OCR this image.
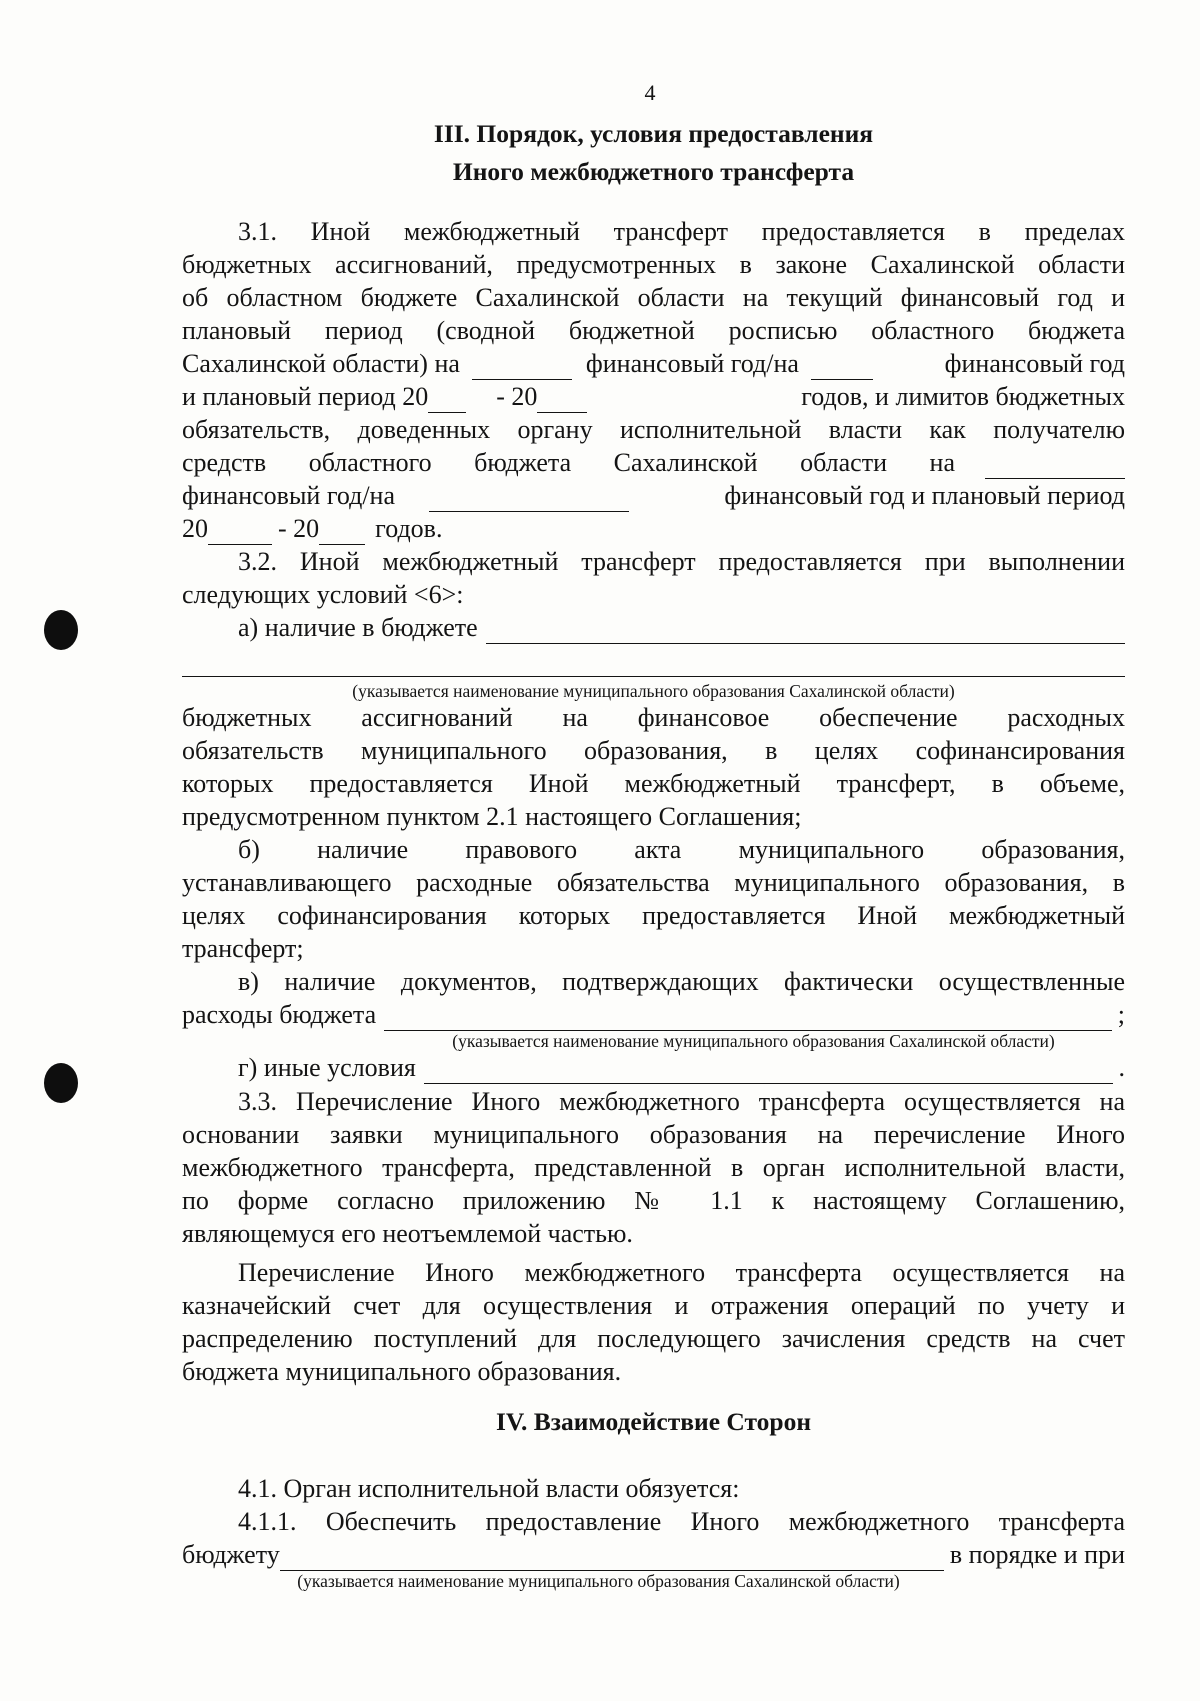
4
III. Порядок, условия предоставления
Иного межбюджетного трансферта

3.1. Иной межбюджетный трансферт предоставляется в пределах

бюджетных ассигнований, предусмотренных в законе Сахалинской области

об областном бюджете Сахалинской области на текущий финансовый год и

плановый период (сводной бюджетной росписью областного бюджета

Сахалинской области) на	финансовый год/на	финансовый год

и плановый период 20	- 20	годов, и лимитов бюджетных

обязательств, доведенных органу исполнительной власти как получателю

средств областного бюджета Сахалинской области на

финансовый год/на	финансовый год и плановый период

20	- 20 годов.

3.2. Иной межбюджетный трансферт предоставляется при выполнении

следующих условий <6>:

а) наличие в бюджете

(указывается наименование муниципального образования Сахалинской области)

бюджетных ассигнований на финансовое обеспечение расходных

обязательств муниципального образования, в целях софинансирования

которых предоставляется Иной межбюджетный трансферт, в объеме,

предусмотренном пунктом 2.1 настоящего Соглашения;

б) наличие правового акта муниципального образования,

устанавливающего расходные обязательства муниципального образования, в

целях софинансирования которых предоставляется Иной межбюджетный

трансферт;

в) наличие документов, подтверждающих фактически осуществленные

расходы бюджета	;

(указывается наименование муниципального образования Сахалинской области)

г) иные условия	.

3.3. Перечисление Иного межбюджетного трансферта осуществляется на

основании заявки муниципального образования на перечисление Иного

межбюджетного трансферта, представленной в орган исполнительной власти,

по форме согласно приложению № 1.1 к настоящему Соглашению,

являющемуся его неотъемлемой частью.

Перечисление Иного межбюджетного трансферта осуществляется на

казначейский счет для осуществления и отражения операций по учету и

распределению поступлений для последующего зачисления средств на счет

бюджета муниципального образования.

IV. Взаимодействие Сторон

4.1. Орган исполнительной власти обязуется:

4.1.1. Обеспечить предоставление Иного межбюджетного трансферта

бюджету	в порядке и при

(указывается наименование муниципального образования Сахалинской области)
